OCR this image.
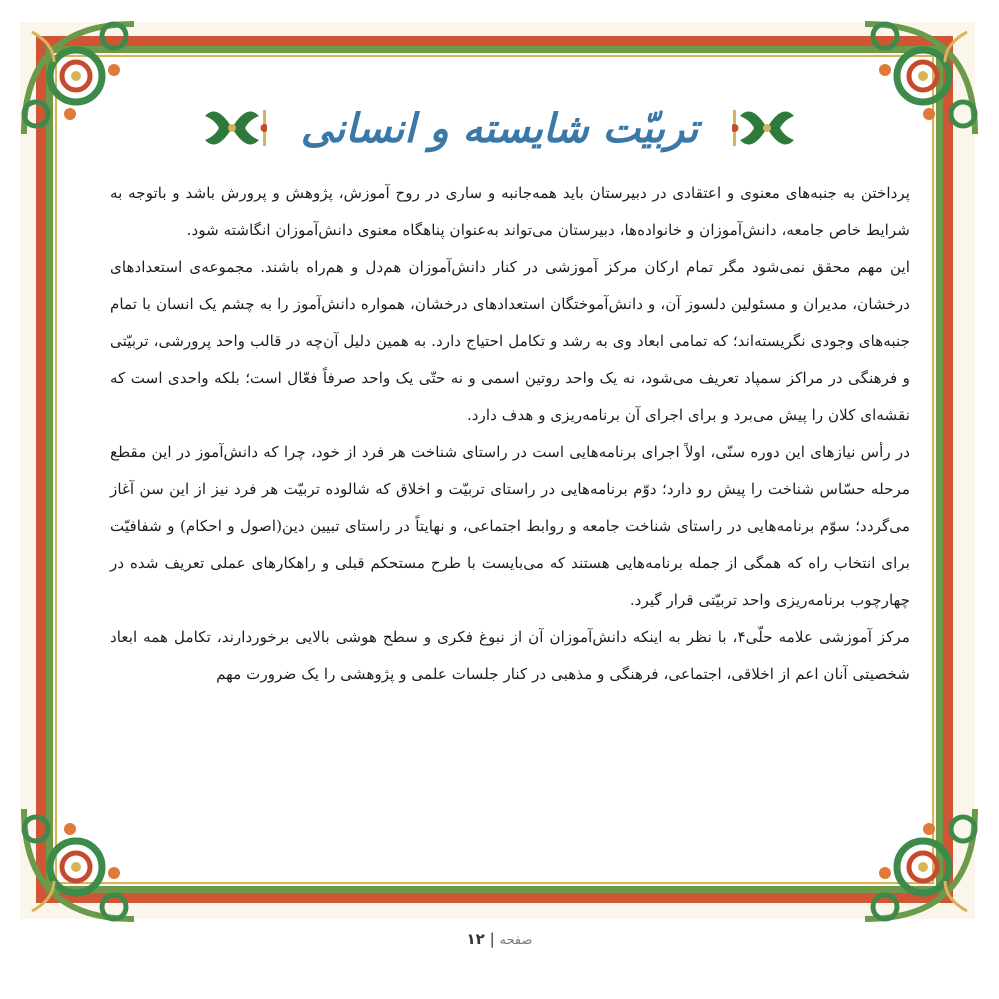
تربیّت شایسته و انسانی

پرداختن به جنبه‌های معنوی و اعتقادی در دبیرستان باید همه‌جانبه و ساری در روح آموزش، پژوهش و پرورش باشد و باتوجه به شرایط خاص جامعه، دانش‌آموزان و خانواده‌ها، دبیرستان می‌تواند به‌عنوان پناهگاه معنوی دانش‌آموزان انگاشته شود.

این مهم محقق نمی‌شود مگر تمام ارکان مرکز آموزشی در کنار دانش‌آموزان هم‌دل و هم‌راه باشند. مجموعه‌ی استعدادهای درخشان، مدیران و مسئولین دلسوز آن، و دانش‌آموختگان استعدادهای درخشان، همواره دانش‌آموز را به چشم یک انسان با تمام جنبه‌های وجودی نگریسته‌اند؛ که تمامی ابعاد وی به رشد و تکامل احتیاج دارد. به همین دلیل آن‌چه در قالب واحد پرورشی، تربیّتی و فرهنگی در مراکز سمپاد تعریف می‌شود، نه یک واحد روتین اسمی و نه حتّی یک واحد صرفاً فعّال است؛ بلکه واحدی است که نقشه‌ای کلان را پیش می‌برد و برای اجرای آن برنامه‌ریزی و هدف دارد.

در رأس نیازهای این دوره سنّی، اولاً اجرای برنامه‌هایی است در راستای شناخت هر فرد از خود، چرا که دانش‌آموز در این مقطع مرحله حسّاس شناخت را پیش رو دارد؛ دوّم برنامه‌هایی در راستای تربیّت و اخلاق که شالوده تربیّت هر فرد نیز از این سن آغاز می‌گردد؛ سوّم برنامه‌هایی در راستای شناخت جامعه و روابط اجتماعی، و نهایتاً در راستای تبیین دین(اصول و احکام) و شفافیّت برای انتخاب راه که همگی از جمله برنامه‌هایی هستند که می‌بایست با طرح مستحکم قبلی و راهکارهای عملی تعریف شده در چهارچوب برنامه‌ریزی واحد تربیّتی قرار گیرد.

مرکز آموزشی علامه حلّی۴، با نظر به اینکه دانش‌آموزان آن از نبوغ فکری و سطح هوشی بالایی برخوردارند، تکامل همه ابعاد شخصیتی آنان اعم از اخلاقی، اجتماعی، فرهنگی و مذهبی در کنار جلسات علمی و پژوهشی را یک ضرورت مهم

صفحه | ۱۲
